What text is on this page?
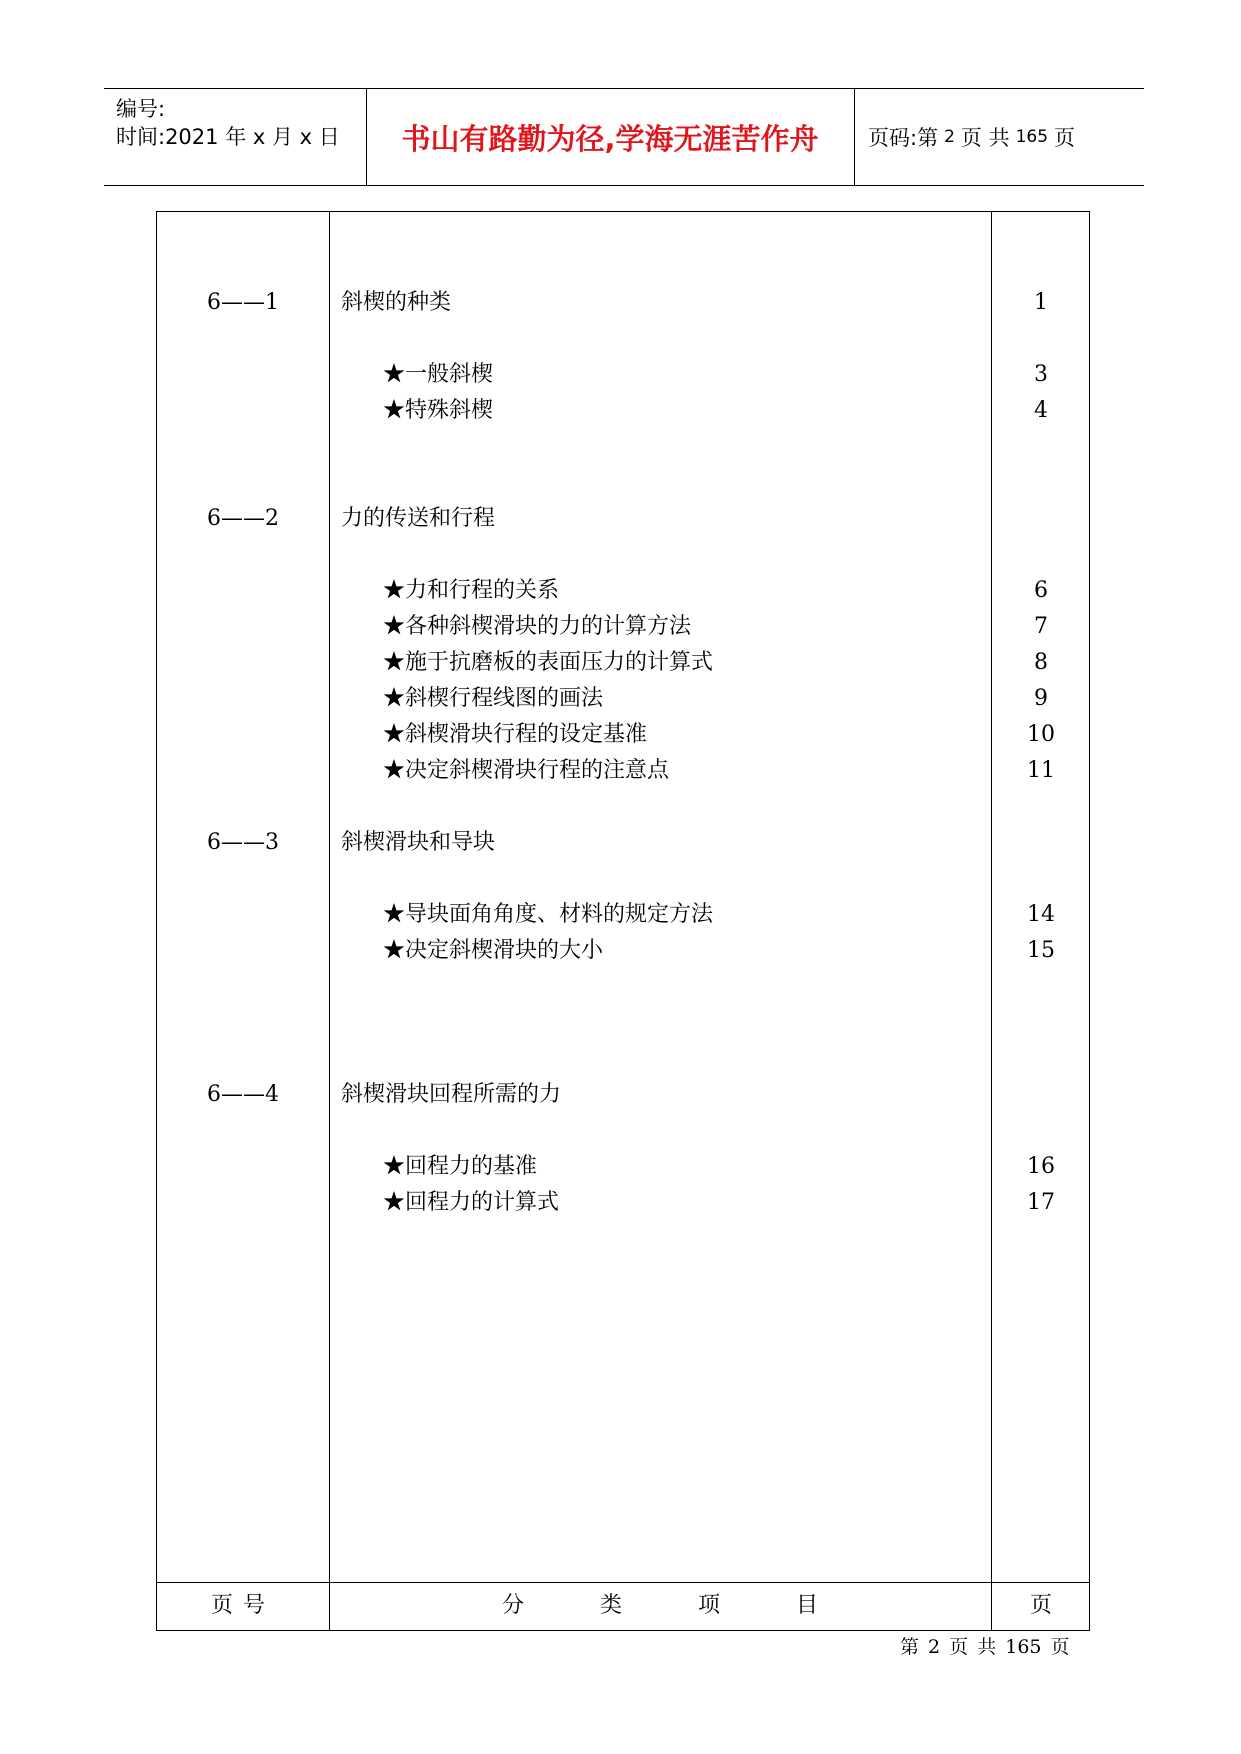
编号:
时间:2021 年 x 月 x 日	书山有路勤为径,学海无涯苦作舟	页码:第 2 页 共 165 页
6——1	斜楔的种类	1
★一般斜楔	3
★特殊斜楔	4
6——2	力的传送和行程
★力和行程的关系	6
★各种斜楔滑块的力的计算方法	7
★施于抗磨板的表面压力的计算式	8
★斜楔行程线图的画法	9
★斜楔滑块行程的设定基准	10
★决定斜楔滑块行程的注意点	11
6——3	斜楔滑块和导块
★导块面角角度、材料的规定方法	14
★决定斜楔滑块的大小	15
6——4	斜楔滑块回程所需的力
★回程力的基准	16
★回程力的计算式	17
页号	分	类	项	目	页
第 2 页 共 165 页
